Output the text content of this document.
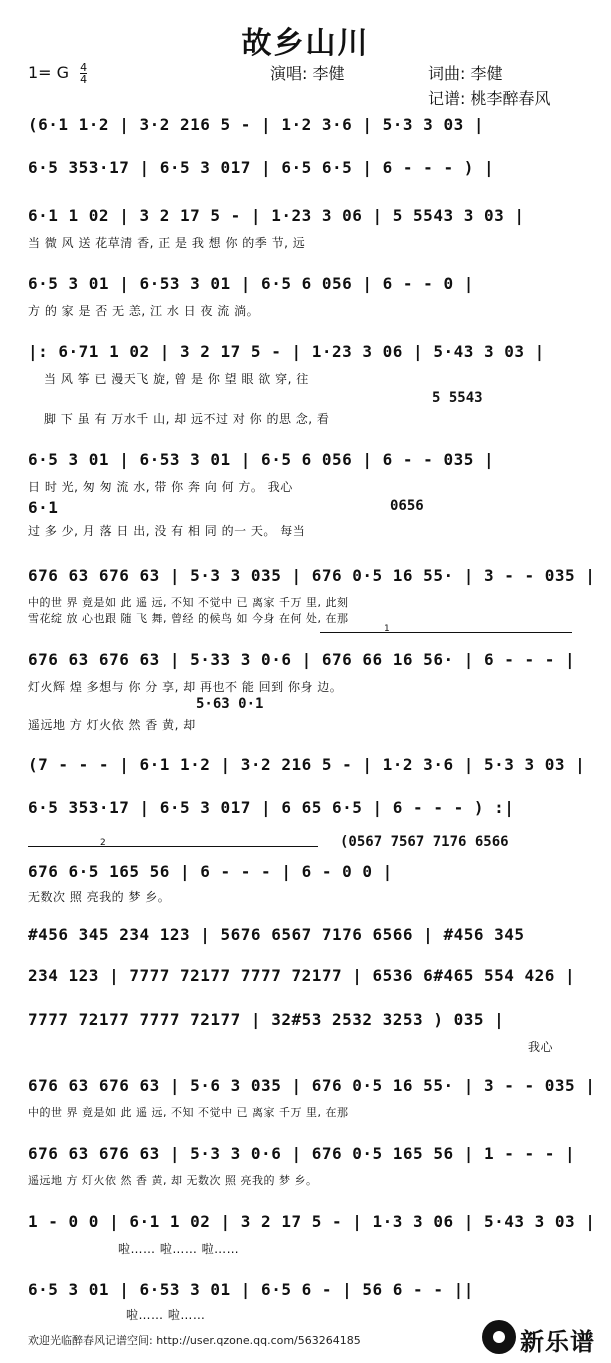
故乡山川
1= G $\frac{4}{4}$	演唱: 李健	词曲: 李健
记谱: 桃李醉春风
(6·1 1·2 | 3·2 216 5 - | 1·2 3·6 | 5·3 3 03 |
6·5 353·17 | 6·5 3 017 | 6·5 6·5 | 6 - - - ) |
6·1 1 02 | 3 2 17 5 - | 1·23 3 06 | 5 5543 3 03 |
当 微 风 送 花草清 香, 正 是 我 想 你 的季 节, 远
6·5 3 01 | 6·53 3 01 | 6·5 6 056 | 6 - - 0 |
方 的 家 是 否 无 恙, 江 水 日 夜 流 淌。
|: 6·71 1 02 | 3 2 17 5 - | 1·23 3 06 | 5·43 3 03 |
当 风 筝 已 漫天飞 旋, 曾 是 你 望 眼 欲 穿, 往
5 5543
脚 下 虽 有 万水千 山, 却 远不过 对 你 的思 念, 看
6·5 3 01 | 6·53 3 01 | 6·5 6 056 | 6 - - 035 |
日 时 光, 匆 匆 流 水, 带 你 奔 向 何 方。 我心
6·1	0656
过 多 少, 月 落 日 出, 没 有 相 同 的一 天。 每当
676 63 676 63 | 5·3 3 035 | 676 0·5 16 55· | 3 - - 035 |
中的世 界 竟是如 此 遥 远, 不知 不觉中 已 离家 千万 里, 此刻
雪花绽 放 心也跟 随 飞 舞, 曾经 的候鸟 如 今身 在何 处, 在那
1
676 63 676 63 | 5·33 3 0·6 | 676 66 16 56· | 6 - - - |
灯火辉 煌 多想与 你 分 享, 却 再也不 能 回到 你身 边。
5·63 0·1
遥远地 方 灯火依 然 香 黄, 却
(7 - - - | 6·1 1·2 | 3·2 216 5 - | 1·2 3·6 | 5·3 3 03 |
6·5 353·17 | 6·5 3 017 | 6 65 6·5 | 6 - - - ) :|
2	(0567 7567 7176 6566
676 6·5 165 56 | 6 - - - | 6 - 0 0 |
无数次 照 亮我的 梦 乡。
#456 345 234 123 | 5676 6567 7176 6566 | #456 345
234 123 | 7777 72177 7777 72177 | 6536 6#465 554 426 |
7777 72177 7777 72177 | 32#53 2532 3253 ) 035 |
我心
676 63 676 63 | 5·6 3 035 | 676 0·5 16 55· | 3 - - 035 |
中的世 界 竟是如 此 遥 远, 不知 不觉中 已 离家 千万 里, 在那
676 63 676 63 | 5·3 3 0·6 | 676 0·5 165 56 | 1 - - - |
遥远地 方 灯火依 然 香 黄, 却 无数次 照 亮我的 梦 乡。
1 - 0 0 | 6·1 1 02 | 3 2 17 5 - | 1·3 3 06 | 5·43 3 03 |
啦…… 啦…… 啦……
6·5 3 01 | 6·53 3 01 | 6·5 6 - | 56 6 - - ||
啦…… 啦……
欢迎光临醉春风记谱空间: http://user.qzone.qq.com/563264185	新乐谱
